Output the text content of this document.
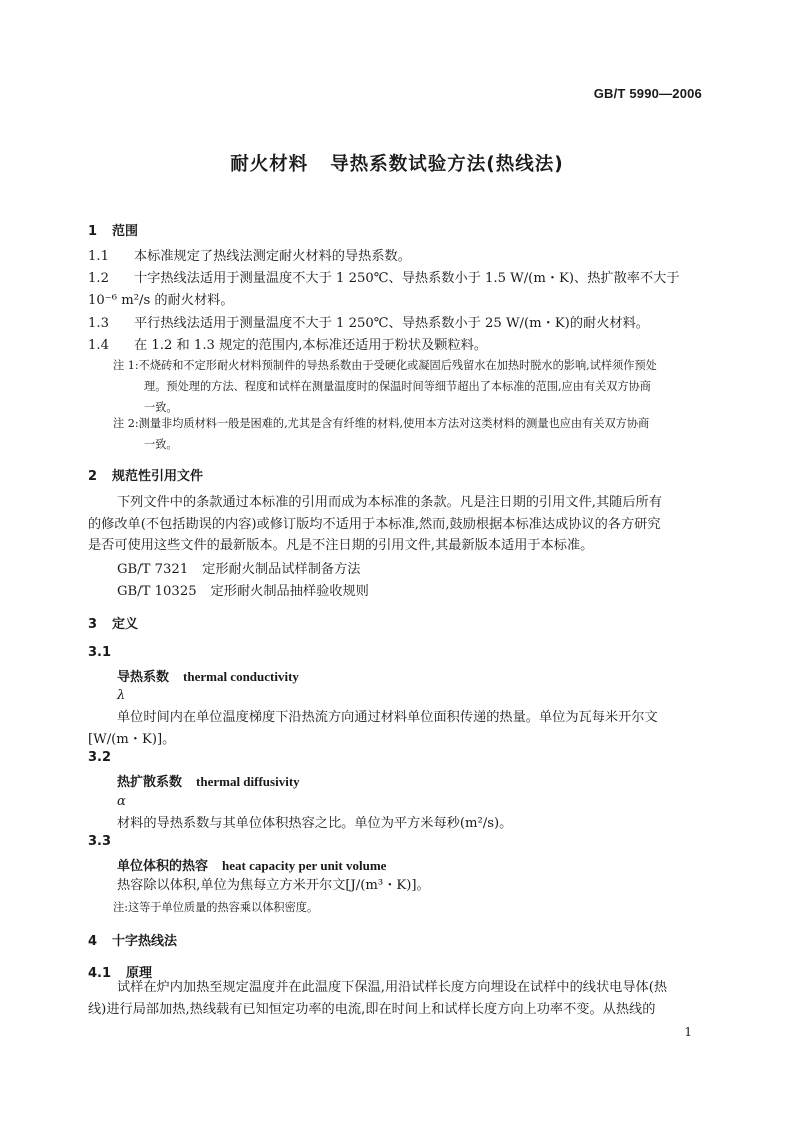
GB/T 5990—2006
耐火材料 导热系数试验方法(热线法)
1 范围
1.1 本标准规定了热线法测定耐火材料的导热系数。
1.2 十字热线法适用于测量温度不大于 1 250℃、导热系数小于 1.5 W/(m・K)、热扩散率不大于
10⁻⁶ m²/s 的耐火材料。
1.3 平行热线法适用于测量温度不大于 1 250℃、导热系数小于 25 W/(m・K)的耐火材料。
1.4 在 1.2 和 1.3 规定的范围内,本标准还适用于粉状及颗粒料。
注 1:不烧砖和不定形耐火材料预制件的导热系数由于受硬化或凝固后残留水在加热时脱水的影响,试样须作预处
理。预处理的方法、程度和试样在测量温度时的保温时间等细节超出了本标准的范围,应由有关双方协商
一致。
注 2:测量非均质材料一般是困难的,尤其是含有纤维的材料,使用本方法对这类材料的测量也应由有关双方协商
一致。
2 规范性引用文件
下列文件中的条款通过本标准的引用而成为本标准的条款。凡是注日期的引用文件,其随后所有
的修改单(不包括勘误的内容)或修订版均不适用于本标准,然而,鼓励根据本标准达成协议的各方研究
是否可使用这些文件的最新版本。凡是不注日期的引用文件,其最新版本适用于本标准。
GB/T 7321 定形耐火制品试样制备方法
GB/T 10325 定形耐火制品抽样验收规则
3 定义
3.1
导热系数 thermal conductivity
λ
单位时间内在单位温度梯度下沿热流方向通过材料单位面积传递的热量。单位为瓦每米开尔文
[W/(m・K)]。
3.2
热扩散系数 thermal diffusivity
α
材料的导热系数与其单位体积热容之比。单位为平方米每秒(m²/s)。
3.3
单位体积的热容 heat capacity per unit volume
热容除以体积,单位为焦每立方米开尔文[J/(m³・K)]。
注:这等于单位质量的热容乘以体积密度。
4 十字热线法
4.1 原理
试样在炉内加热至规定温度并在此温度下保温,用沿试样长度方向埋设在试样中的线状电导体(热
线)进行局部加热,热线载有已知恒定功率的电流,即在时间上和试样长度方向上功率不变。从热线的
1
